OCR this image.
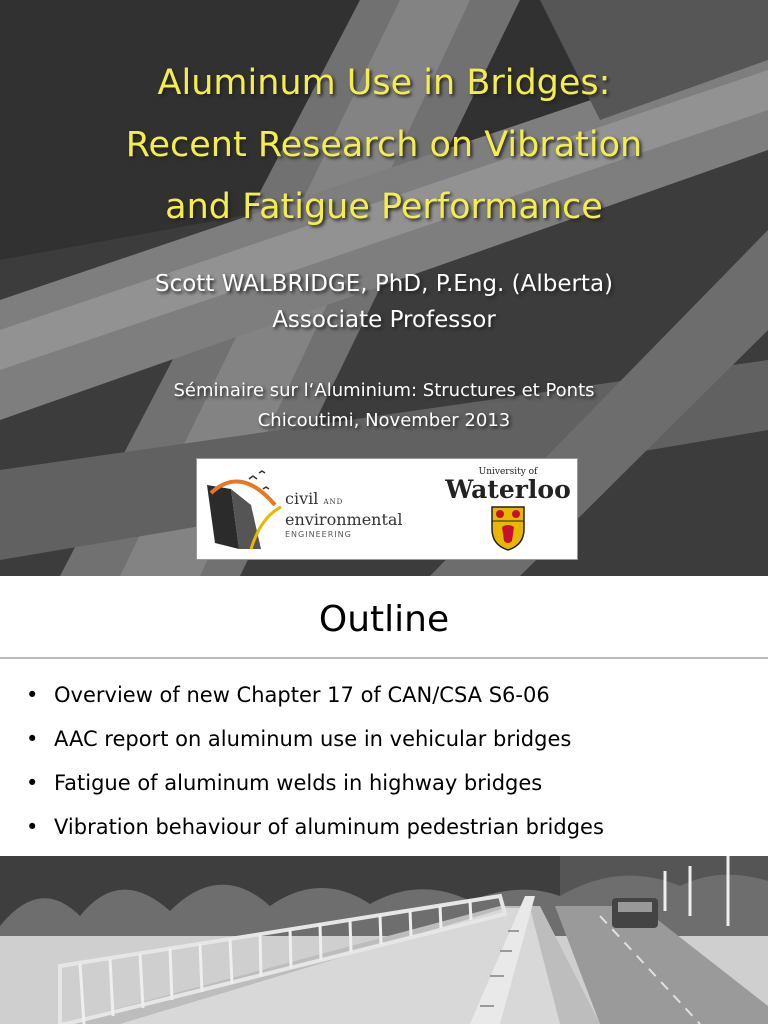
Aluminum Use in Bridges:
Recent Research on Vibration
and Fatigue Performance
Scott WALBRIDGE, PhD, P.Eng. (Alberta)
Associate Professor
Séminaire sur l‘Aluminium: Structures et Ponts
Chicoutimi, November 2013
civil AND
environmental
ENGINEERING
University of
Waterloo
Outline
• Overview of new Chapter 17 of CAN/CSA S6-06
• AAC report on aluminum use in vehicular bridges
• Fatigue of aluminum welds in highway bridges
• Vibration behaviour of aluminum pedestrian bridges
